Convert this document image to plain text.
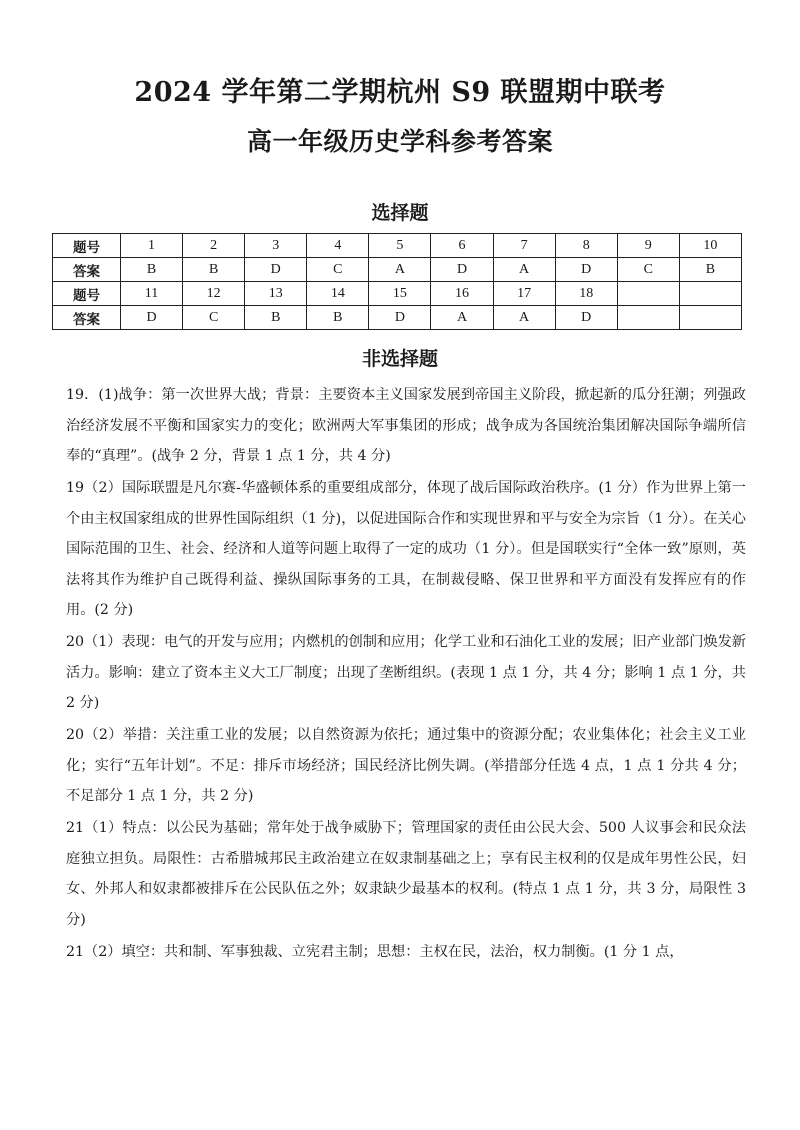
2024 学年第二学期杭州 S9 联盟期中联考
高一年级历史学科参考答案
选择题
题号	1	2	3	4	5	6	7	8	9	10
答案	B	B	D	C	A	D	A	D	C	B
题号	11	12	13	14	15	16	17	18		
答案	D	C	B	B	D	A	A	D		
非选择题

19．(1)战争：第一次世界大战；背景：主要资本主义国家发展到帝国主义阶段，掀起新的瓜分狂潮；列强政治经济发展不平衡和国家实力的变化；欧洲两大军事集团的形成；战争成为各国统治集团解决国际争端所信奉的“真理”。(战争 2 分，背景 1 点 1 分，共 4 分)

19（2）国际联盟是凡尔赛-华盛顿体系的重要组成部分，体现了战后国际政治秩序。(1 分）作为世界上第一个由主权国家组成的世界性国际组织（1 分)，以促进国际合作和实现世界和平与安全为宗旨（1 分）。在关心国际范围的卫生、社会、经济和人道等问题上取得了一定的成功（1 分）。但是国联实行“全体一致”原则，英法将其作为维护自己既得利益、操纵国际事务的工具，在制裁侵略、保卫世界和平方面没有发挥应有的作用。(2 分)

20（1）表现：电气的开发与应用；内燃机的创制和应用；化学工业和石油化工业的发展；旧产业部门焕发新活力。影响：建立了资本主义大工厂制度；出现了垄断组织。(表现 1 点 1 分，共 4 分；影响 1 点 1 分，共 2 分)

20（2）举措：关注重工业的发展；以自然资源为依托；通过集中的资源分配；农业集体化；社会主义工业化；实行“五年计划”。不足：排斥市场经济；国民经济比例失调。(举措部分任选 4 点，1 点 1 分共 4 分；不足部分 1 点 1 分，共 2 分)

21（1）特点：以公民为基础；常年处于战争威胁下；管理国家的责任由公民大会、500 人议事会和民众法庭独立担负。局限性：古希腊城邦民主政治建立在奴隶制基础之上；享有民主权利的仅是成年男性公民，妇女、外邦人和奴隶都被排斥在公民队伍之外；奴隶缺少最基本的权利。(特点 1 点 1 分，共 3 分，局限性 3 分)

21（2）填空：共和制、军事独裁、立宪君主制；思想：主权在民，法治，权力制衡。(1 分 1 点，
